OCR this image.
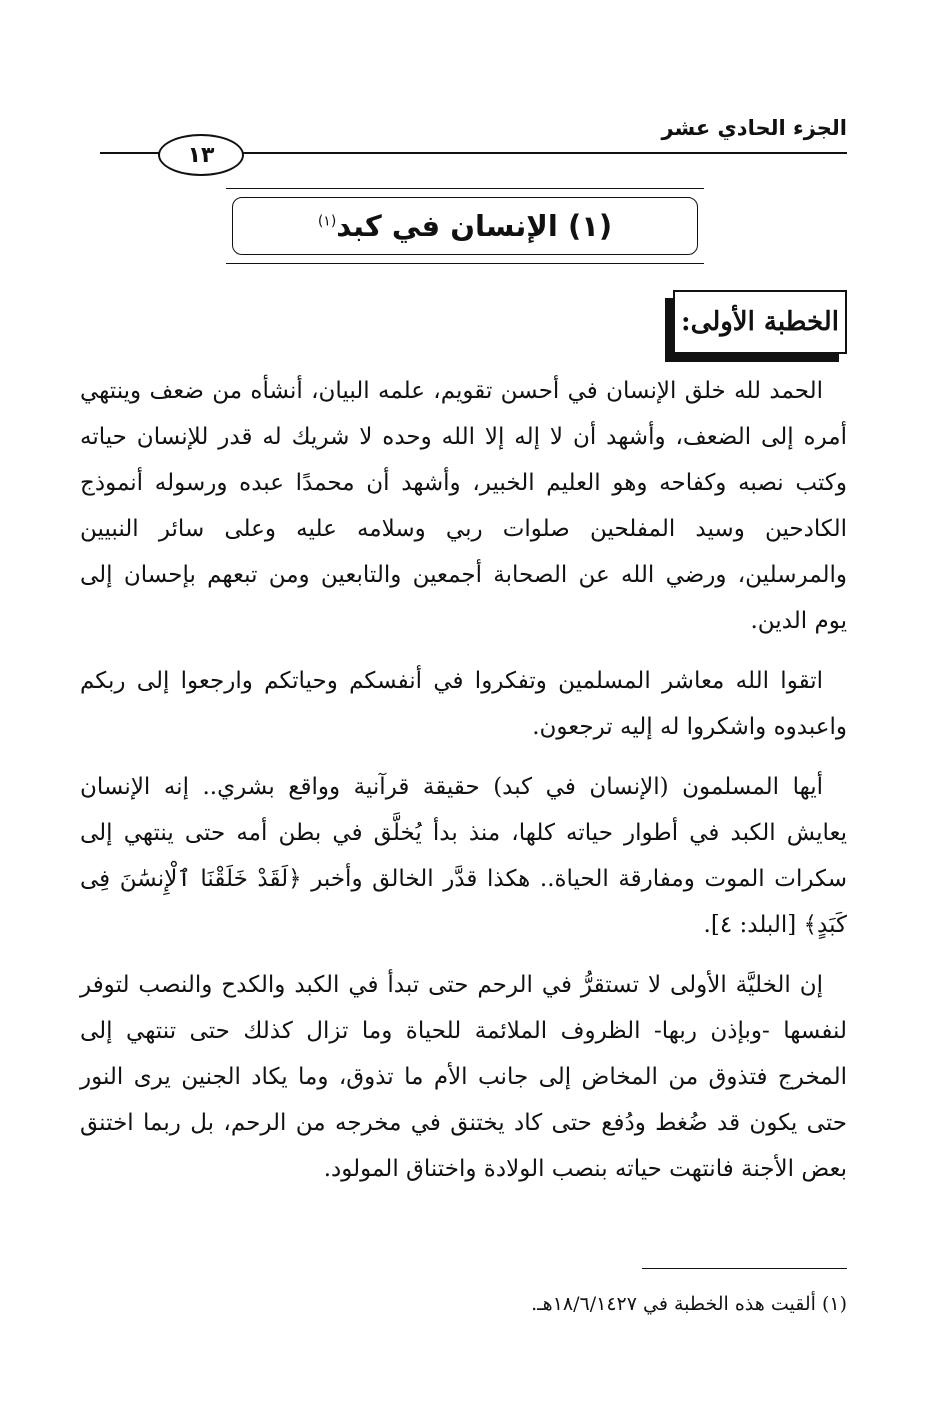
الجزء الحادي عشر
١٣
(١) الإنسان في كبد$^{(١)}$
الخطبة الأولى:

الحمد لله خلق الإنسان في أحسن تقويم، علمه البيان، أنشأه من ضعف وينتهي أمره إلى الضعف، وأشهد أن لا إله إلا الله وحده لا شريك له قدر للإنسان حياته وكتب نصبه وكفاحه وهو العليم الخبير، وأشهد أن محمدًا عبده ورسوله أنموذج الكادحين وسيد المفلحين صلوات ربي وسلامه عليه وعلى سائر النبيين والمرسلين، ورضي الله عن الصحابة أجمعين والتابعين ومن تبعهم بإحسان إلى يوم الدين.

اتقوا الله معاشر المسلمين وتفكروا في أنفسكم وحياتكم وارجعوا إلى ربكم واعبدوه واشكروا له إليه ترجعون.

أيها المسلمون (الإنسان في كبد) حقيقة قرآنية وواقع بشري.. إنه الإنسان يعايش الكبد في أطوار حياته كلها، منذ بدأ يُخلَّق في بطن أمه حتى ينتهي إلى سكرات الموت ومفارقة الحياة.. هكذا قدَّر الخالق وأخبر ﴿لَقَدْ خَلَقْنَا ٱلْإِنسَٰنَ فِى كَبَدٍ﴾ [البلد: ٤].

إن الخليَّة الأولى لا تستقرُّ في الرحم حتى تبدأ في الكبد والكدح والنصب لتوفر لنفسها -وبإذن ربها- الظروف الملائمة للحياة وما تزال كذلك حتى تنتهي إلى المخرج فتذوق من المخاض إلى جانب الأم ما تذوق، وما يكاد الجنين يرى النور حتى يكون قد ضُغط ودُفع حتى كاد يختنق في مخرجه من الرحم، بل ربما اختنق بعض الأجنة فانتهت حياته بنصب الولادة واختناق المولود.

(١) ألقيت هذه الخطبة في ١٨/٦/١٤٢٧هـ.
